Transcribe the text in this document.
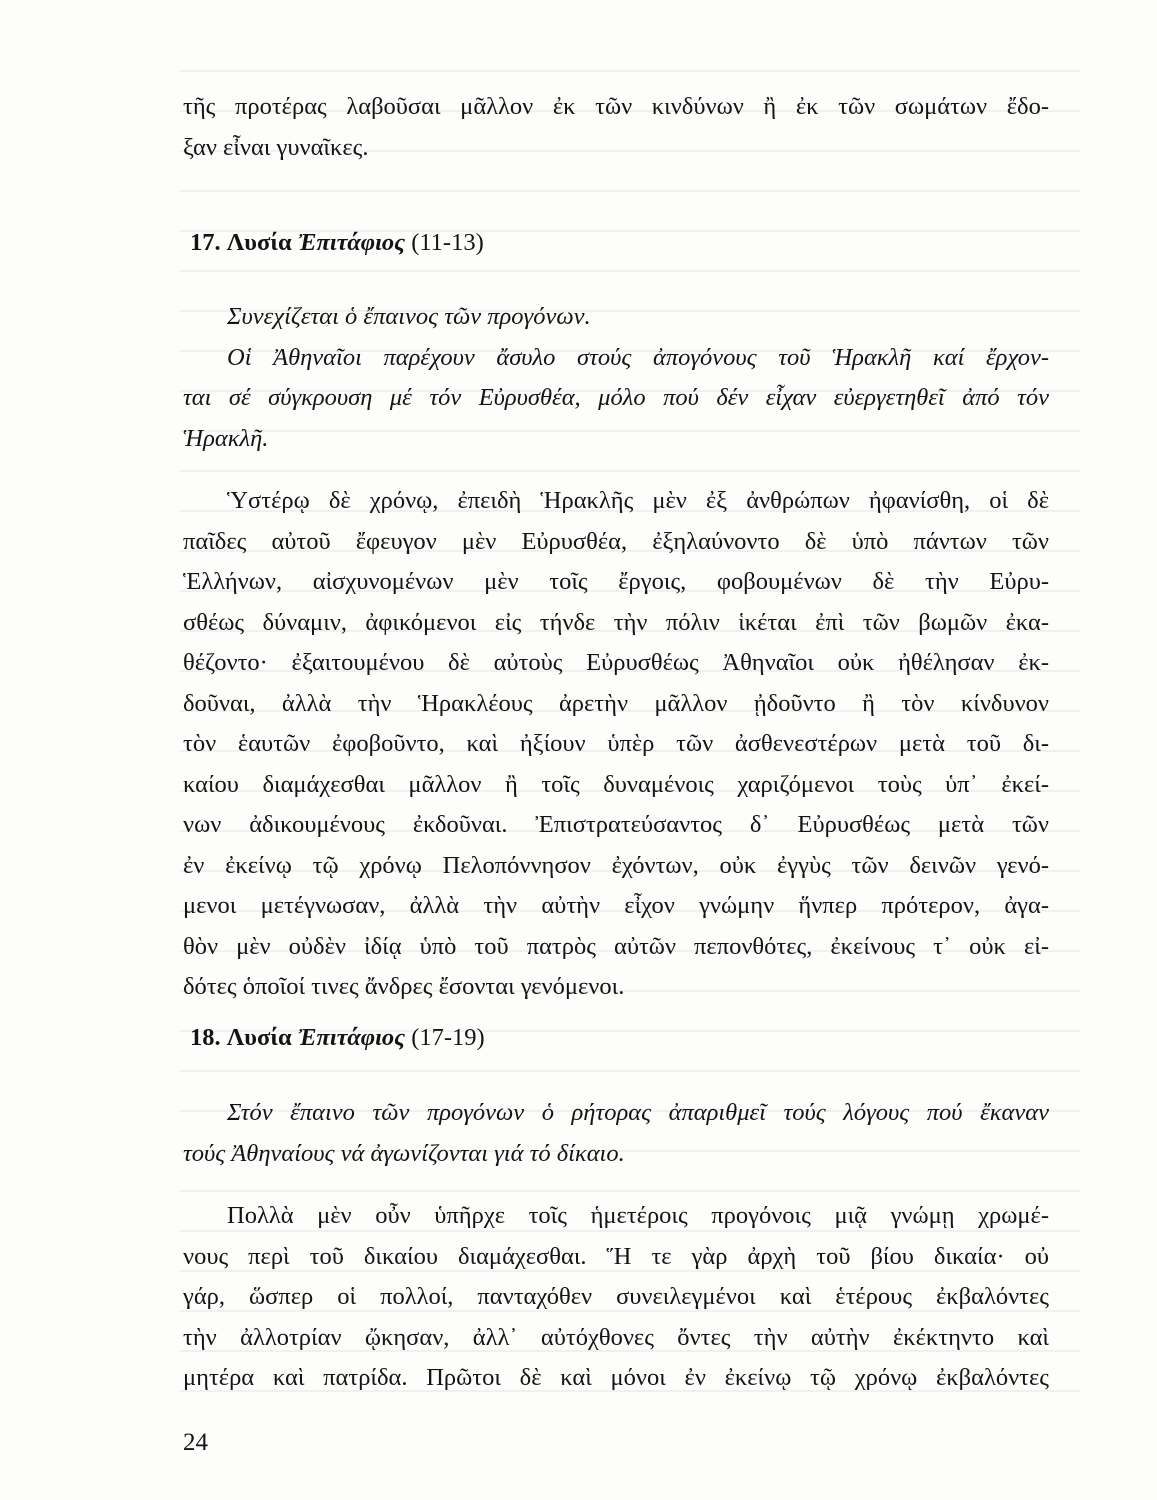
τῆς προτέρας λαβοῦσαι μᾶλλον ἐκ τῶν κινδύνων ἢ ἐκ τῶν σωμάτων ἔδο-
ξαν εἶναι γυναῖκες.
17. Λυσία Ἐπιτάφιος (11-13)
Συνεχίζεται ὁ ἔπαινος τῶν προγόνων.
Οἱ Ἀθηναῖοι παρέχουν ἄσυλο στούς ἀπογόνους τοῦ Ἡρακλῆ καί ἔρχον-
ται σέ σύγκρουση μέ τόν Εὐρυσθέα, μόλο πού δέν εἶχαν εὐεργετηθεῖ ἀπό τόν
Ἡρακλῆ.
Ὑστέρῳ δὲ χρόνῳ, ἐπειδὴ Ἡρακλῆς μὲν ἐξ ἀνθρώπων ἠφανίσθη, οἱ δὲ
παῖδες αὐτοῦ ἔφευγον μὲν Εὐρυσθέα, ἐξηλαύνοντο δὲ ὑπὸ πάντων τῶν
Ἑλλήνων, αἰσχυνομένων μὲν τοῖς ἔργοις, φοβουμένων δὲ τὴν Εὐρυ-
σθέως δύναμιν, ἀφικόμενοι εἰς τήνδε τὴν πόλιν ἱκέται ἐπὶ τῶν βωμῶν ἐκα-
θέζοντο· ἐξαιτουμένου δὲ αὐτοὺς Εὐρυσθέως Ἀθηναῖοι οὐκ ἠθέλησαν ἐκ-
δοῦναι, ἀλλὰ τὴν Ἡρακλέους ἀρετὴν μᾶλλον ᾐδοῦντο ἢ τὸν κίνδυνον
τὸν ἑαυτῶν ἐφοβοῦντο, καὶ ἠξίουν ὑπὲρ τῶν ἀσθενεστέρων μετὰ τοῦ δι-
καίου διαμάχεσθαι μᾶλλον ἢ τοῖς δυναμένοις χαριζόμενοι τοὺς ὑπ᾽ ἐκεί-
νων ἀδικουμένους ἐκδοῦναι. Ἐπιστρατεύσαντος δ᾽ Εὐρυσθέως μετὰ τῶν
ἐν ἐκείνῳ τῷ χρόνῳ Πελοπόννησον ἐχόντων, οὐκ ἐγγὺς τῶν δεινῶν γενό-
μενοι μετέγνωσαν, ἀλλὰ τὴν αὐτὴν εἶχον γνώμην ἥνπερ πρότερον, ἀγα-
θὸν μὲν οὐδὲν ἰδίᾳ ὑπὸ τοῦ πατρὸς αὐτῶν πεπονθότες, ἐκείνους τ᾽ οὐκ εἰ-
δότες ὁποῖοί τινες ἄνδρες ἔσονται γενόμενοι.
18. Λυσία Ἐπιτάφιος (17-19)
Στόν ἔπαινο τῶν προγόνων ὁ ρήτορας ἀπαριθμεῖ τούς λόγους πού ἔκαναν
τούς Ἀθηναίους νά ἀγωνίζονται γιά τό δίκαιο.
Πολλὰ μὲν οὖν ὑπῆρχε τοῖς ἡμετέροις προγόνοις μιᾷ γνώμῃ χρωμέ-
νους περὶ τοῦ δικαίου διαμάχεσθαι. Ἥ τε γὰρ ἀρχὴ τοῦ βίου δικαία· οὐ
γάρ, ὥσπερ οἱ πολλοί, πανταχόθεν συνειλεγμένοι καὶ ἑτέρους ἐκβαλόντες
τὴν ἀλλοτρίαν ᾤκησαν, ἀλλ᾽ αὐτόχθονες ὄντες τὴν αὐτὴν ἐκέκτηντο καὶ
μητέρα καὶ πατρίδα. Πρῶτοι δὲ καὶ μόνοι ἐν ἐκείνῳ τῷ χρόνῳ ἐκβαλόντες
24
